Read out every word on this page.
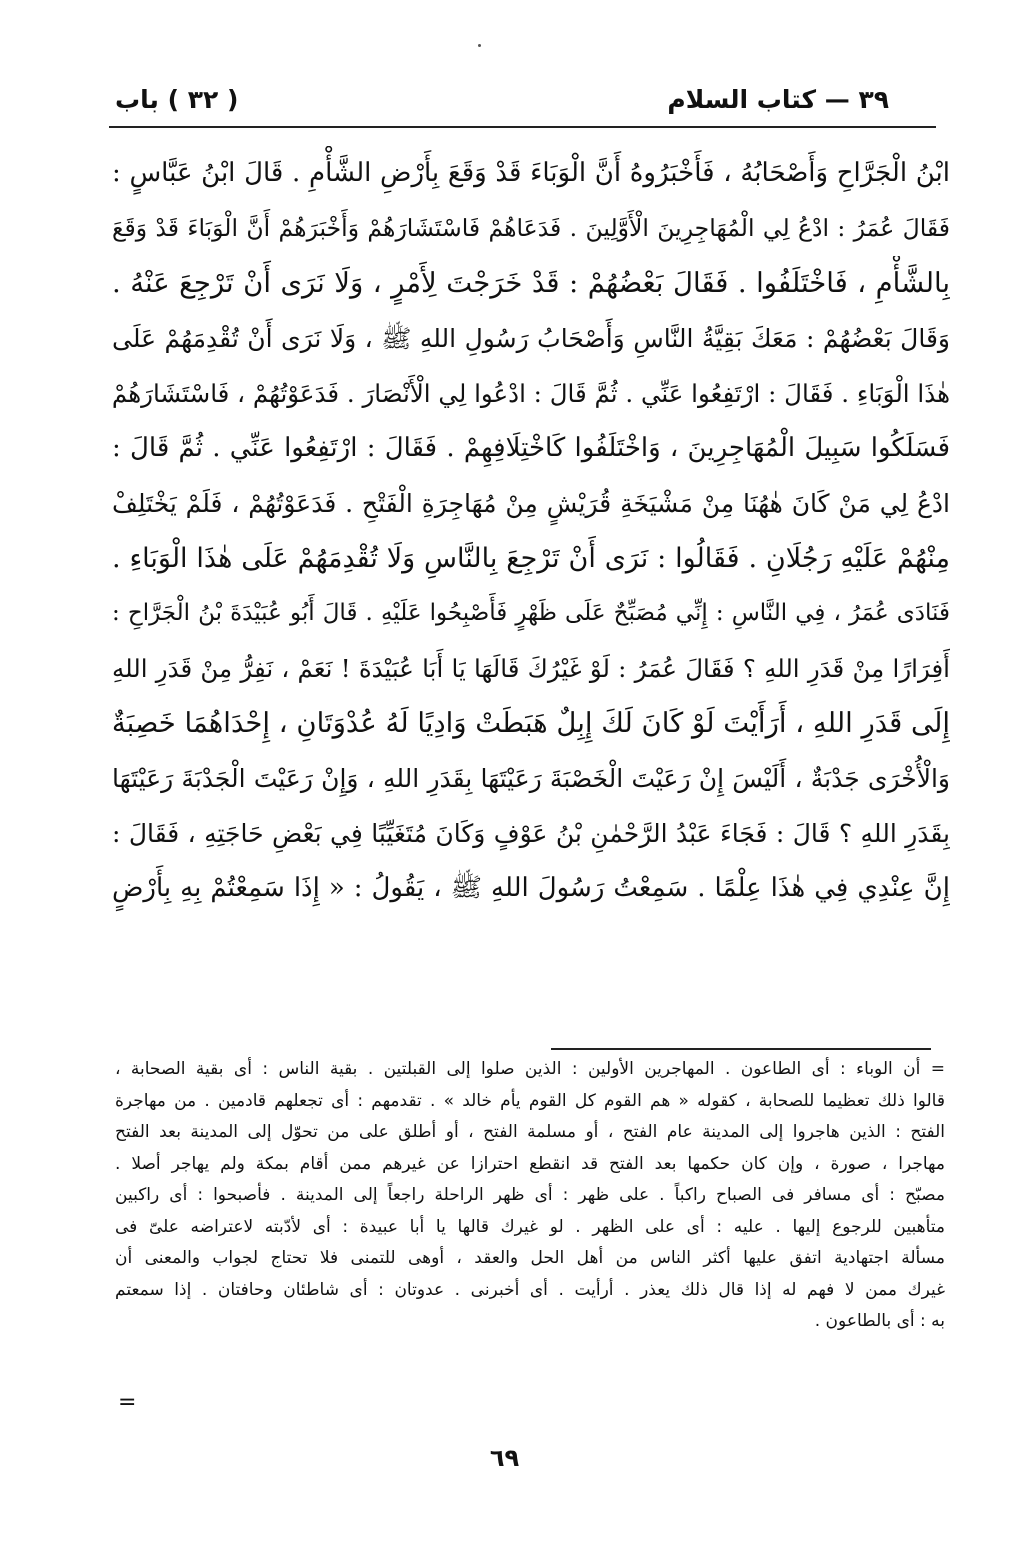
٣٩ — كتاب السلام
( ٣٢ ) باب
ابْنُ الْجَرَّاحِ وَأَصْحَابُهُ ، فَأَخْبَرُوهُ أَنَّ الْوَبَاءَ قَدْ وَقَعَ بِأَرْضِ الشَّأْمِ . قَالَ ابْنُ عَبَّاسٍ :
فَقَالَ عُمَرُ : ادْعُ لِي الْمُهَاجِرِينَ الْأَوَّلِينَ . فَدَعَاهُمْ فَاسْتَشَارَهُمْ وَأَخْبَرَهُمْ أَنَّ الْوَبَاءَ قَدْ وَقَعَ
بِالشَّأْمِ ، فَاخْتَلَفُوا . فَقَالَ بَعْضُهُمْ : قَدْ خَرَجْتَ لِأَمْرٍ ، وَلَا نَرَى أَنْ تَرْجِعَ عَنْهُ .
وَقَالَ بَعْضُهُمْ : مَعَكَ بَقِيَّةُ النَّاسِ وَأَصْحَابُ رَسُولِ اللهِ ﷺ ، وَلَا نَرَى أَنْ تُقْدِمَهُمْ عَلَى
هٰذَا الْوَبَاءِ . فَقَالَ : ارْتَفِعُوا عَنِّي . ثُمَّ قَالَ : ادْعُوا لِي الْأَنْصَارَ . فَدَعَوْتُهُمْ ، فَاسْتَشَارَهُمْ
فَسَلَكُوا سَبِيلَ الْمُهَاجِرِينَ ، وَاخْتَلَفُوا كَاخْتِلَافِهِمْ . فَقَالَ : ارْتَفِعُوا عَنِّي . ثُمَّ قَالَ :
ادْعُ لِي مَنْ كَانَ هٰهُنَا مِنْ مَشْيَخَةِ قُرَيْشٍ مِنْ مُهَاجِرَةِ الْفَتْحِ . فَدَعَوْتُهُمْ ، فَلَمْ يَخْتَلِفْ
مِنْهُمْ عَلَيْهِ رَجُلَانِ . فَقَالُوا : نَرَى أَنْ تَرْجِعَ بِالنَّاسِ وَلَا تُقْدِمَهُمْ عَلَى هٰذَا الْوَبَاءِ .
فَنَادَى عُمَرُ ، فِي النَّاسِ : إِنِّي مُصَبِّحٌ عَلَى ظَهْرٍ فَأَصْبِحُوا عَلَيْهِ . قَالَ أَبُو عُبَيْدَةَ بْنُ الْجَرَّاحِ :
أَفِرَارًا مِنْ قَدَرِ اللهِ ؟ فَقَالَ عُمَرُ : لَوْ غَيْرُكَ قَالَهَا يَا أَبَا عُبَيْدَةَ ! نَعَمْ ، نَفِرُّ مِنْ قَدَرِ اللهِ
إِلَى قَدَرِ اللهِ ، أَرَأَيْتَ لَوْ كَانَ لَكَ إِبِلٌ هَبَطَتْ وَادِيًا لَهُ عُدْوَتَانِ ، إِحْدَاهُمَا خَصِبَةٌ
وَالْأُخْرَى جَدْبَةٌ ، أَلَيْسَ إِنْ رَعَيْتَ الْخَصْبَةَ رَعَيْتَهَا بِقَدَرِ اللهِ ، وَإِنْ رَعَيْتَ الْجَدْبَةَ رَعَيْتَهَا
بِقَدَرِ اللهِ ؟ قَالَ : فَجَاءَ عَبْدُ الرَّحْمٰنِ بْنُ عَوْفٍ وَكَانَ مُتَغَيِّبًا فِي بَعْضِ حَاجَتِهِ ، فَقَالَ :
إِنَّ عِنْدِي فِي هٰذَا عِلْمًا . سَمِعْتُ رَسُولَ اللهِ ﷺ ، يَقُولُ : « إِذَا سَمِعْتُمْ بِهِ بِأَرْضٍ
= أن الوباء : أى الطاعون . المهاجرين الأولين : الذين صلوا إلى القبلتين . بقية الناس : أى بقية الصحابة ،
قالوا ذلك تعظيما للصحابة ، كقوله « هم القوم كل القوم يأم خالد » . تقدمهم : أى تجعلهم قادمين . من مهاجرة
الفتح : الذين هاجروا إلى المدينة عام الفتح ، أو مسلمة الفتح ، أو أطلق على من تحوّل إلى المدينة بعد الفتح
مهاجرا ، صورة ، وإن كان حكمها بعد الفتح قد انقطع احترازا عن غيرهم ممن أقام بمكة ولم يهاجر أصلا .
مصبّح : أى مسافر فى الصباح راكباً . على ظهر : أى ظهر الراحلة راجعاً إلى المدينة . فأصبحوا : أى راكبين
متأهبين للرجوع إليها . عليه : أى على الظهر . لو غيرك قالها يا أبا عبيدة : أى لأدّبته لاعتراضه علىّ فى
مسألة اجتهادية اتفق عليها أكثر الناس من أهل الحل والعقد ، أوهى للتمنى فلا تحتاج لجواب والمعنى أن
غيرك ممن لا فهم له إذا قال ذلك يعذر . أرأيت . أى أخبرنى . عدوتان : أى شاطئان وحافتان . إذا سمعتم
به : أى بالطاعون .
=
٦٩
